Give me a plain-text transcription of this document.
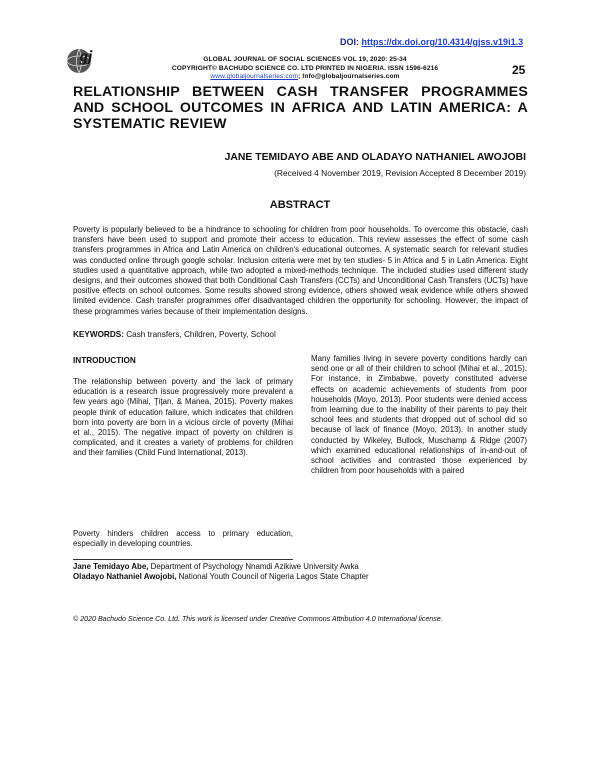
DOI: https://dx.doi.org/10.4314/gjss.v19i1.3
gj	GLOBAL JOURNAL OF SOCIAL SCIENCES VOL 19, 2020: 25-34
COPYRIGHT© BACHUDO SCIENCE CO. LTD PRINTED IN NIGERIA. ISSN 1596-6216
www.globaljournalseries.com; Info@globaljournalseries.com	25
RELATIONSHIP BETWEEN CASH TRANSFER PROGRAMMES AND SCHOOL OUTCOMES IN AFRICA AND LATIN AMERICA: A SYSTEMATIC REVIEW
JANE TEMIDAYO ABE AND OLADAYO NATHANIEL AWOJOBI
(Received 4 November 2019, Revision Accepted 8 December 2019)
ABSTRACT
Poverty is popularly believed to be a hindrance to schooling for children from poor households. To overcome this obstacle, cash transfers have been used to support and promote their access to education. This review assesses the effect of some cash transfers programmes in Africa and Latin America on children's educational outcomes. A systematic search for relevant studies was conducted online through google scholar. Inclusion criteria were met by ten studies- 5 in Africa and 5 in Latin America. Eight studies used a quantitative approach, while two adopted a mixed-methods technique. The included studies used different study designs, and their outcomes showed that both Conditional Cash Transfers (CCTs) and Unconditional Cash Transfers (UCTs) have positive effects on school outcomes. Some results showed strong evidence, others showed weak evidence while others showed limited evidence. Cash transfer programmes offer disadvantaged children the opportunity for schooling. However, the impact of these programmes varies because of their implementation designs.
KEYWORDS: Cash transfers, Children, Poverty, School
INTRODUCTION
The relationship between poverty and the lack of primary education is a research issue progressively more prevalent a few years ago (Mihai, Ţiţan, & Manea, 2015). Poverty makes people think of education failure, which indicates that children born into poverty are born in a vicious circle of poverty (Mihai et al., 2015). The negative impact of poverty on children is complicated, and it creates a variety of problems for children and their families (Child Fund International, 2013).
Poverty hinders children access to primary education, especially in developing countries.
Many families living in severe poverty conditions hardly can send one or all of their children to school (Mihai et al., 2015). For instance, in Zimbabwe, poverty constituted adverse effects on academic achievements of students from poor households (Moyo, 2013). Poor students were denied access from learning due to the inability of their parents to pay their school fees and students that dropped out of school did so because of lack of finance (Moyo, 2013). In another study conducted by Wikeley, Bullock, Muschamp & Ridge (2007) which examined educational relationships of in-and-out of school activities and contrasted those experienced by children from poor households with a paired
Jane Temidayo Abe, Department of Psychology Nnamdi Azikiwe University Awka
Oladayo Nathaniel Awojobi, National Youth Council of Nigeria Lagos State Chapter
© 2020 Bachudo Science Co. Ltd. This work is licensed under Creative Commons Attribution 4.0 International license.
